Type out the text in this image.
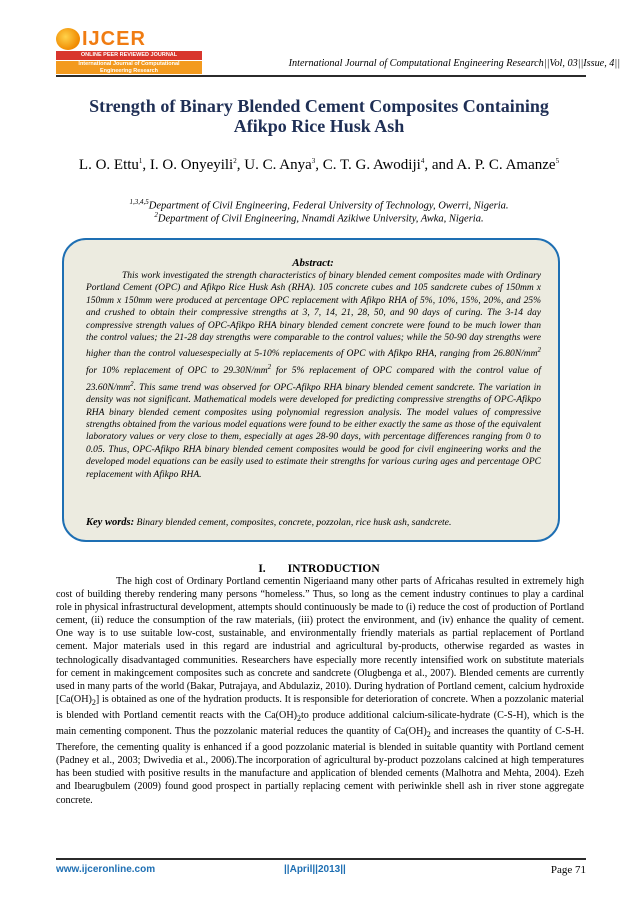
IJCER
ONLINE PEER REVIEWED JOURNAL
International Journal of Computational
Engineering Research
International Journal of Computational Engineering Research||Vol, 03||Issue, 4||
Strength of Binary Blended Cement Composites Containing
Afikpo Rice Husk Ash
L. O. Ettu$^1$, I. O. Onyeyili$^2$, U. C. Anya$^3$, C. T. G. Awodiji$^4$, and A. P. C. Amanze$^5$
$^{1,3,4,5}$Department of Civil Engineering, Federal University of Technology, Owerri, Nigeria.
$^2$Department of Civil Engineering, Nnamdi Azikiwe University, Awka, Nigeria.
Abstract:
This work investigated the strength characteristics of binary blended cement composites made with Ordinary Portland Cement (OPC) and Afikpo Rice Husk Ash (RHA). 105 concrete cubes and 105 sandcrete cubes of 150mm x 150mm x 150mm were produced at percentage OPC replacement with Afikpo RHA of 5%, 10%, 15%, 20%, and 25% and crushed to obtain their compressive strengths at 3, 7, 14, 21, 28, 50, and 90 days of curing. The 3-14 day compressive strength values of OPC-Afikpo RHA binary blended cement concrete were found to be much lower than the control values; the 21-28 day strengths were comparable to the control values; while the 50-90 day strengths were higher than the control valuesespecially at 5-10% replacements of OPC with Afikpo RHA, ranging from $26.80N/mm^2$ for 10% replacement of OPC to $29.30N/mm^2$ for 5% replacement of OPC compared with the control value of $23.60N/mm^2$. This same trend was observed for OPC-Afikpo RHA binary blended cement sandcrete. The variation in density was not significant. Mathematical models were developed for predicting compressive strengths of OPC-Afikpo RHA binary blended cement composites using polynomial regression analysis. The model values of compressive strengths obtained from the various model equations were found to be either exactly the same as those of the equivalent laboratory values or very close to them, especially at ages 28-90 days, with percentage differences ranging from 0 to 0.05. Thus, OPC-Afikpo RHA binary blended cement composites would be good for civil engineering works and the developed model equations can be easily used to estimate their strengths for various curing ages and percentage OPC replacement with Afikpo RHA.
Key words: Binary blended cement, composites, concrete, pozzolan, rice husk ash, sandcrete.
I. INTRODUCTION
The high cost of Ordinary Portland cementin Nigeriaand many other parts of Africahas resulted in extremely high cost of building thereby rendering many persons “homeless.” Thus, so long as the cement industry continues to play a cardinal role in physical infrastructural development, attempts should continuously be made to (i) reduce the cost of production of Portland cement, (ii) reduce the consumption of the raw materials, (iii) protect the environment, and (iv) enhance the quality of cement. One way is to use suitable low-cost, sustainable, and environmentally friendly materials as partial replacement of Portland cement. Major materials used in this regard are industrial and agricultural by-products, otherwise regarded as wastes in technologically disadvantaged communities. Researchers have especially more recently intensified work on substitute materials for cement in makingcement composites such as concrete and sandcrete (Olugbenga et al., 2007). Blended cements are currently used in many parts of the world (Bakar, Putrajaya, and Abdulaziz, 2010). During hydration of Portland cement, calcium hydroxide $[Ca(OH)_2]$ is obtained as one of the hydration products. It is responsible for deterioration of concrete. When a pozzolanic material is blended with Portland cementit reacts with the $Ca(OH)_2to$ produce additional calcium-silicate-hydrate (C-S-H), which is the main cementing component. Thus the pozzolanic material reduces the quantity of $Ca(OH)_2$ and increases the quantity of C-S-H. Therefore, the cementing quality is enhanced if a good pozzolanic material is blended in suitable quantity with Portland cement (Padney et al., 2003; Dwivedia et al., 2006).The incorporation of agricultural by-product pozzolans calcined at high temperatures has been studied with positive results in the manufacture and application of blended cements (Malhotra and Mehta, 2004). Ezeh and Ibearugbulem (2009) found good prospect in partially replacing cement with periwinkle shell ash in river stone aggregate concrete.
www.ijceronline.com	||April||2013||	Page 71
